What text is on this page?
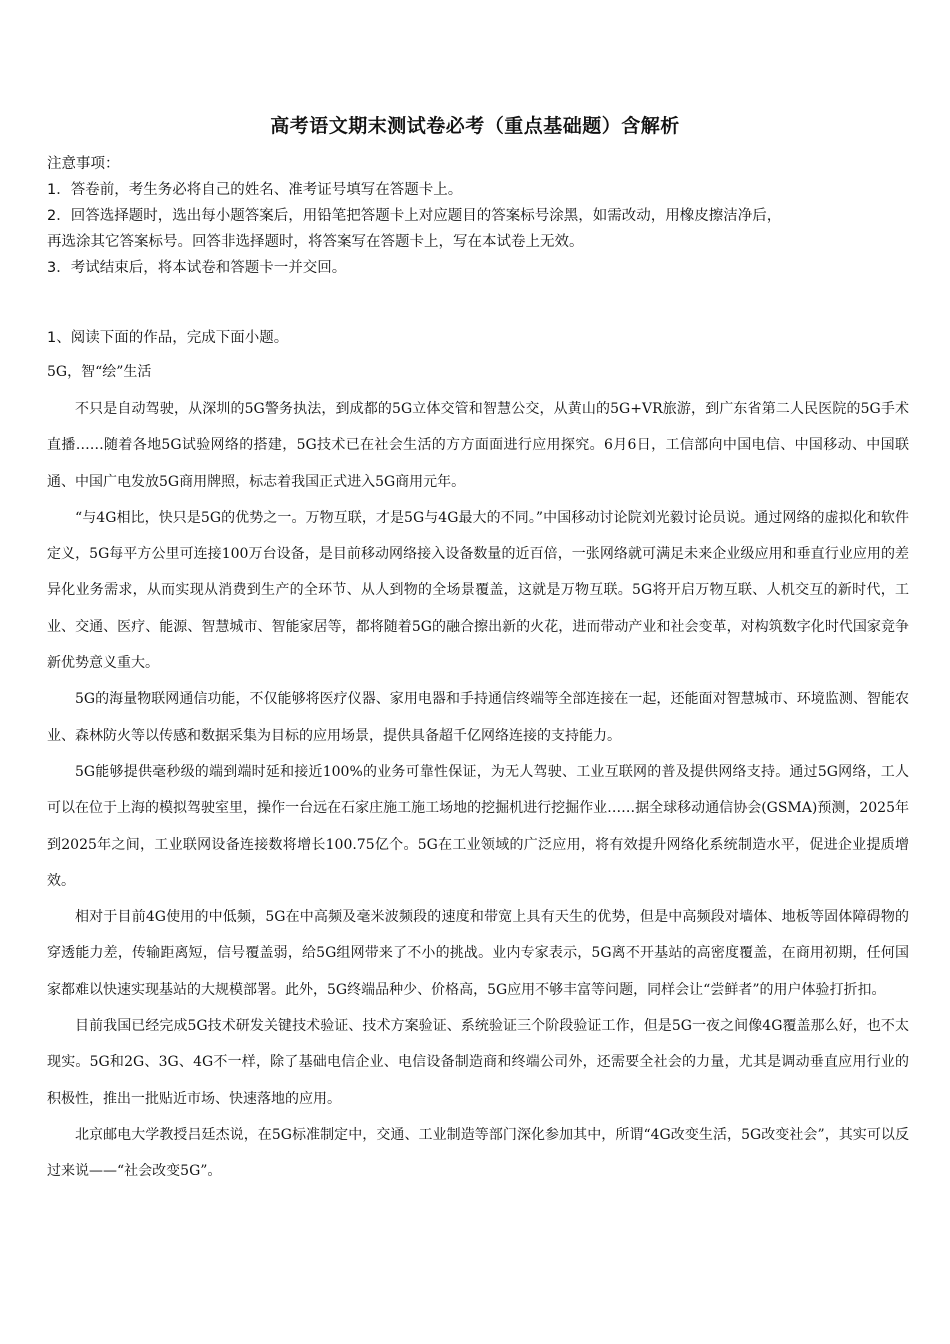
高考语文期末测试卷必考（重点基础题）含解析
注意事项：
1．答卷前，考生务必将自己的姓名、准考证号填写在答题卡上。
2．回答选择题时，选出每小题答案后，用铅笔把答题卡上对应题目的答案标号涂黑，如需改动，用橡皮擦洁净后，
再选涂其它答案标号。回答非选择题时，将答案写在答题卡上，写在本试卷上无效。
3．考试结束后，将本试卷和答题卡一并交回。
1、阅读下面的作品，完成下面小题。
5G，智“绘”生活

不只是自动驾驶，从深圳的5G警务执法，到成都的5G立体交管和智慧公交，从黄山的5G+VR旅游，到广东省第二人民医院的5G手术直播……随着各地5G试验网络的搭建，5G技术已在社会生活的方方面面进行应用探究。6月6日，工信部向中国电信、中国移动、中国联通、中国广电发放5G商用牌照，标志着我国正式进入5G商用元年。

“与4G相比，快只是5G的优势之一。万物互联，才是5G与4G最大的不同。”中国移动讨论院刘光毅讨论员说。通过网络的虚拟化和软件定义，5G每平方公里可连接100万台设备，是目前移动网络接入设备数量的近百倍，一张网络就可满足未来企业级应用和垂直行业应用的差异化业务需求，从而实现从消费到生产的全环节、从人到物的全场景覆盖，这就是万物互联。5G将开启万物互联、人机交互的新时代，工业、交通、医疗、能源、智慧城市、智能家居等，都将随着5G的融合擦出新的火花，进而带动产业和社会变革，对构筑数字化时代国家竞争新优势意义重大。

5G的海量物联网通信功能，不仅能够将医疗仪器、家用电器和手持通信终端等全部连接在一起，还能面对智慧城市、环境监测、智能农业、森林防火等以传感和数据采集为目标的应用场景，提供具备超千亿网络连接的支持能力。

5G能够提供毫秒级的端到端时延和接近100%的业务可靠性保证，为无人驾驶、工业互联网的普及提供网络支持。通过5G网络，工人可以在位于上海的模拟驾驶室里，操作一台远在石家庄施工施工场地的挖掘机进行挖掘作业……据全球移动通信协会(GSMA)预测，2025年到2025年之间，工业联网设备连接数将增长100.75亿个。5G在工业领域的广泛应用，将有效提升网络化系统制造水平，促进企业提质增效。

相对于目前4G使用的中低频，5G在中高频及毫米波频段的速度和带宽上具有天生的优势，但是中高频段对墙体、地板等固体障碍物的穿透能力差，传输距离短，信号覆盖弱，给5G组网带来了不小的挑战。业内专家表示，5G离不开基站的高密度覆盖，在商用初期，任何国家都难以快速实现基站的大规模部署。此外，5G终端品种少、价格高，5G应用不够丰富等问题，同样会让“尝鲜者”的用户体验打折扣。

目前我国已经完成5G技术研发关键技术验证、技术方案验证、系统验证三个阶段验证工作，但是5G一夜之间像4G覆盖那么好，也不太现实。5G和2G、3G、4G不一样，除了基础电信企业、电信设备制造商和终端公司外，还需要全社会的力量，尤其是调动垂直应用行业的积极性，推出一批贴近市场、快速落地的应用。

北京邮电大学教授吕廷杰说，在5G标准制定中，交通、工业制造等部门深化参加其中，所谓“4G改变生活，5G改变社会”，其实可以反过来说——“社会改变5G”。
